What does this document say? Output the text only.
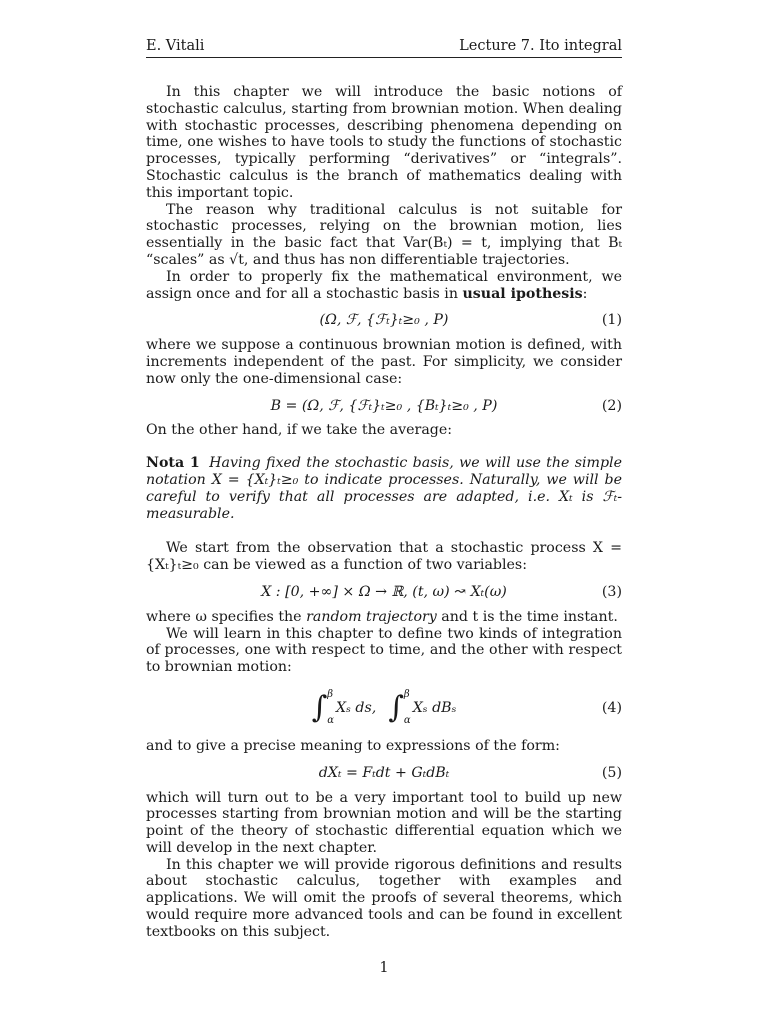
E. Vitali	Lecture 7. Ito integral

In this chapter we will introduce the basic notions of stochastic calculus, starting from brownian motion. When dealing with stochastic processes, describing phenomena depending on time, one wishes to have tools to study the functions of stochastic processes, typically performing “derivatives” or “integrals”. Stochastic calculus is the branch of mathematics dealing with this important topic.

The reason why traditional calculus is not suitable for stochastic processes, relying on the brownian motion, lies essentially in the basic fact that Var(Bₜ) = t, implying that Bₜ “scales” as √t, and thus has non differentiable trajectories.

In order to properly fix the mathematical environment, we assign once and for all a stochastic basis in usual ipothesis:

(Ω, ℱ, {ℱₜ}ₜ≥₀ , P)	(1)

where we suppose a continuous brownian motion is defined, with increments independent of the past. For simplicity, we consider now only the one-dimensional case:

B = (Ω, ℱ, {ℱₜ}ₜ≥₀ , {Bₜ}ₜ≥₀ , P)	(2)

On the other hand, if we take the average:

Nota 1 Having fixed the stochastic basis, we will use the simple notation X = {Xₜ}ₜ≥₀ to indicate processes. Naturally, we will be careful to verify that all processes are adapted, i.e. Xₜ is ℱₜ-measurable.

We start from the observation that a stochastic process X = {Xₜ}ₜ≥₀ can be viewed as a function of two variables:

X : [0, +∞] × Ω → ℝ, (t, ω) ↝ Xₜ(ω)	(3)

where ω specifies the random trajectory and t is the time instant.

We will learn in this chapter to define two kinds of integration of processes, one with respect to time, and the other with respect to brownian motion:

∫ β
α
Xₛ ds, ∫ β
α
Xₛ dBₛ	(4)

and to give a precise meaning to expressions of the form:

dXₜ = Fₜdt + GₜdBₜ	(5)

which will turn out to be a very important tool to build up new processes starting from brownian motion and will be the starting point of the theory of stochastic differential equation which we will develop in the next chapter.

In this chapter we will provide rigorous definitions and results about stochastic calculus, together with examples and applications. We will omit the proofs of several theorems, which would require more advanced tools and can be found in excellent textbooks on this subject.

1
